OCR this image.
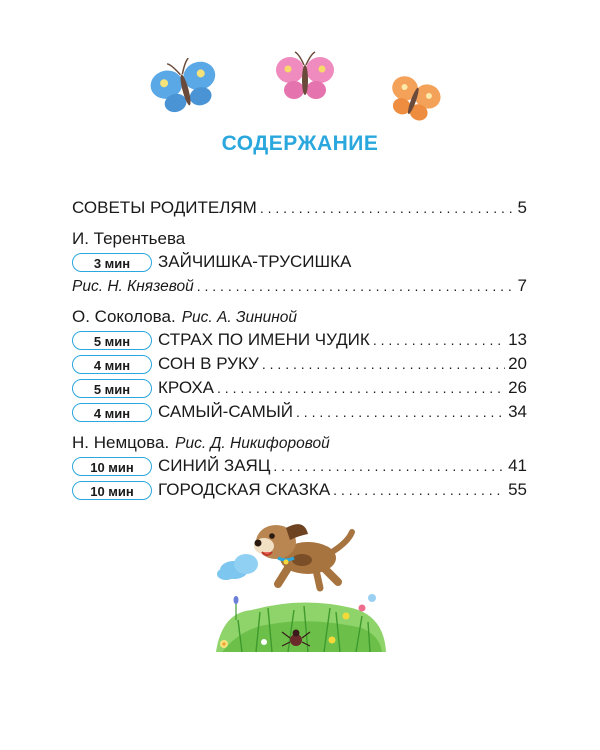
СОДЕРЖАНИЕ
СОВЕТЫ РОДИТЕЛЯМ . . .	5
И. Терентьева
3 мин	ЗАЙЧИШКА-ТРУСИШКА
Рис. Н. Князевой . . .	7
О. Соколова. Рис. А. Зининой
5 мин	СТРАХ ПО ИМЕНИ ЧУДИК . . .	13
4 мин	СОН В РУКУ . . .	20
5 мин	КРОХА . . .	26
4 мин	САМЫЙ-САМЫЙ . . .	34
Н. Немцова. Рис. Д. Никифоровой
10 мин	СИНИЙ ЗАЯЦ . . .	41
10 мин	ГОРОДСКАЯ СКАЗКА . . .	55
